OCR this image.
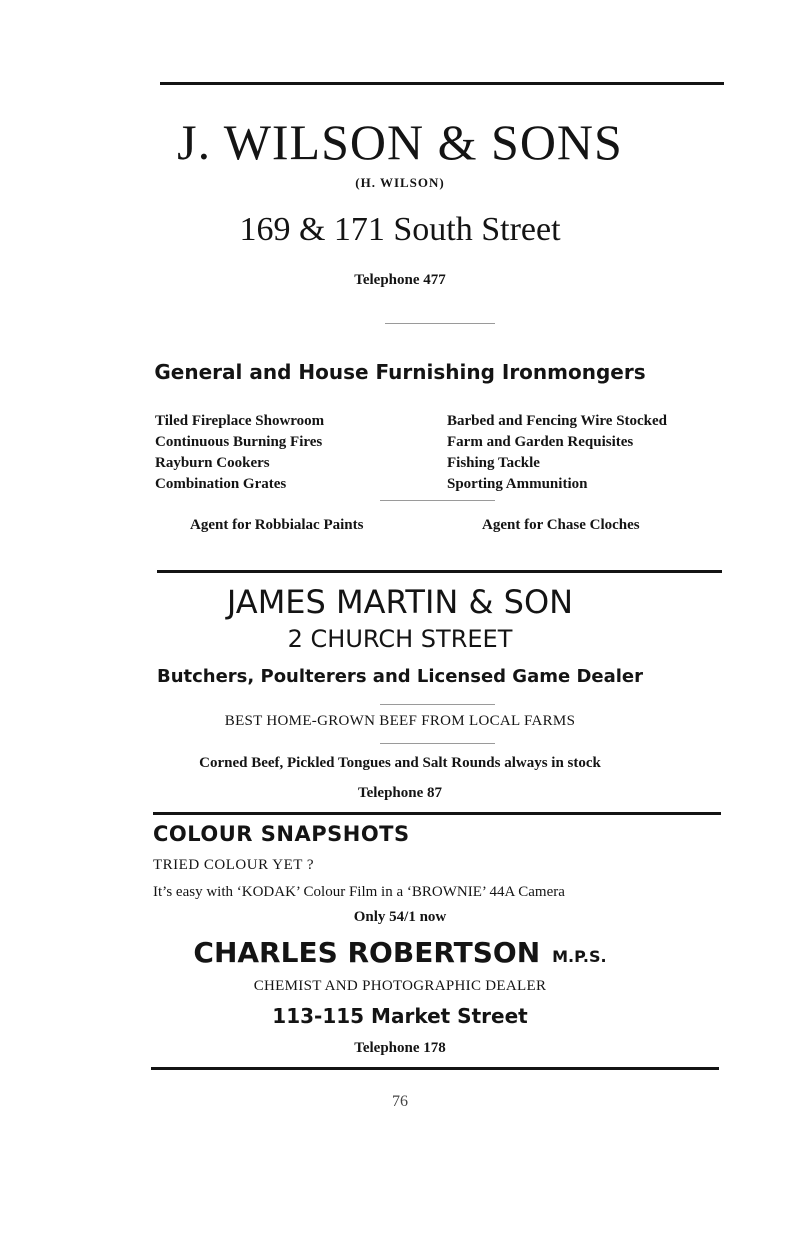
J. WILSON & SONS
(H. WILSON)
169 & 171 South Street
Telephone 477
General and House Furnishing Ironmongers
Tiled Fireplace Showroom
Continuous Burning Fires
Rayburn Cookers
Combination Grates
Barbed and Fencing Wire Stocked
Farm and Garden Requisites
Fishing Tackle
Sporting Ammunition
Agent for Robbialac Paints	Agent for Chase Cloches
JAMES MARTIN & SON
2 CHURCH STREET
Butchers, Poulterers and Licensed Game Dealer
BEST HOME-GROWN BEEF FROM LOCAL FARMS
Corned Beef, Pickled Tongues and Salt Rounds always in stock
Telephone 87
COLOUR SNAPSHOTS
TRIED COLOUR YET ?
It’s easy with ‘KODAK’ Colour Film in a ‘BROWNIE’ 44A Camera
Only 54/1 now
CHARLES ROBERTSON M.P.S.
CHEMIST AND PHOTOGRAPHIC DEALER
113-115 Market Street
Telephone 178
76
